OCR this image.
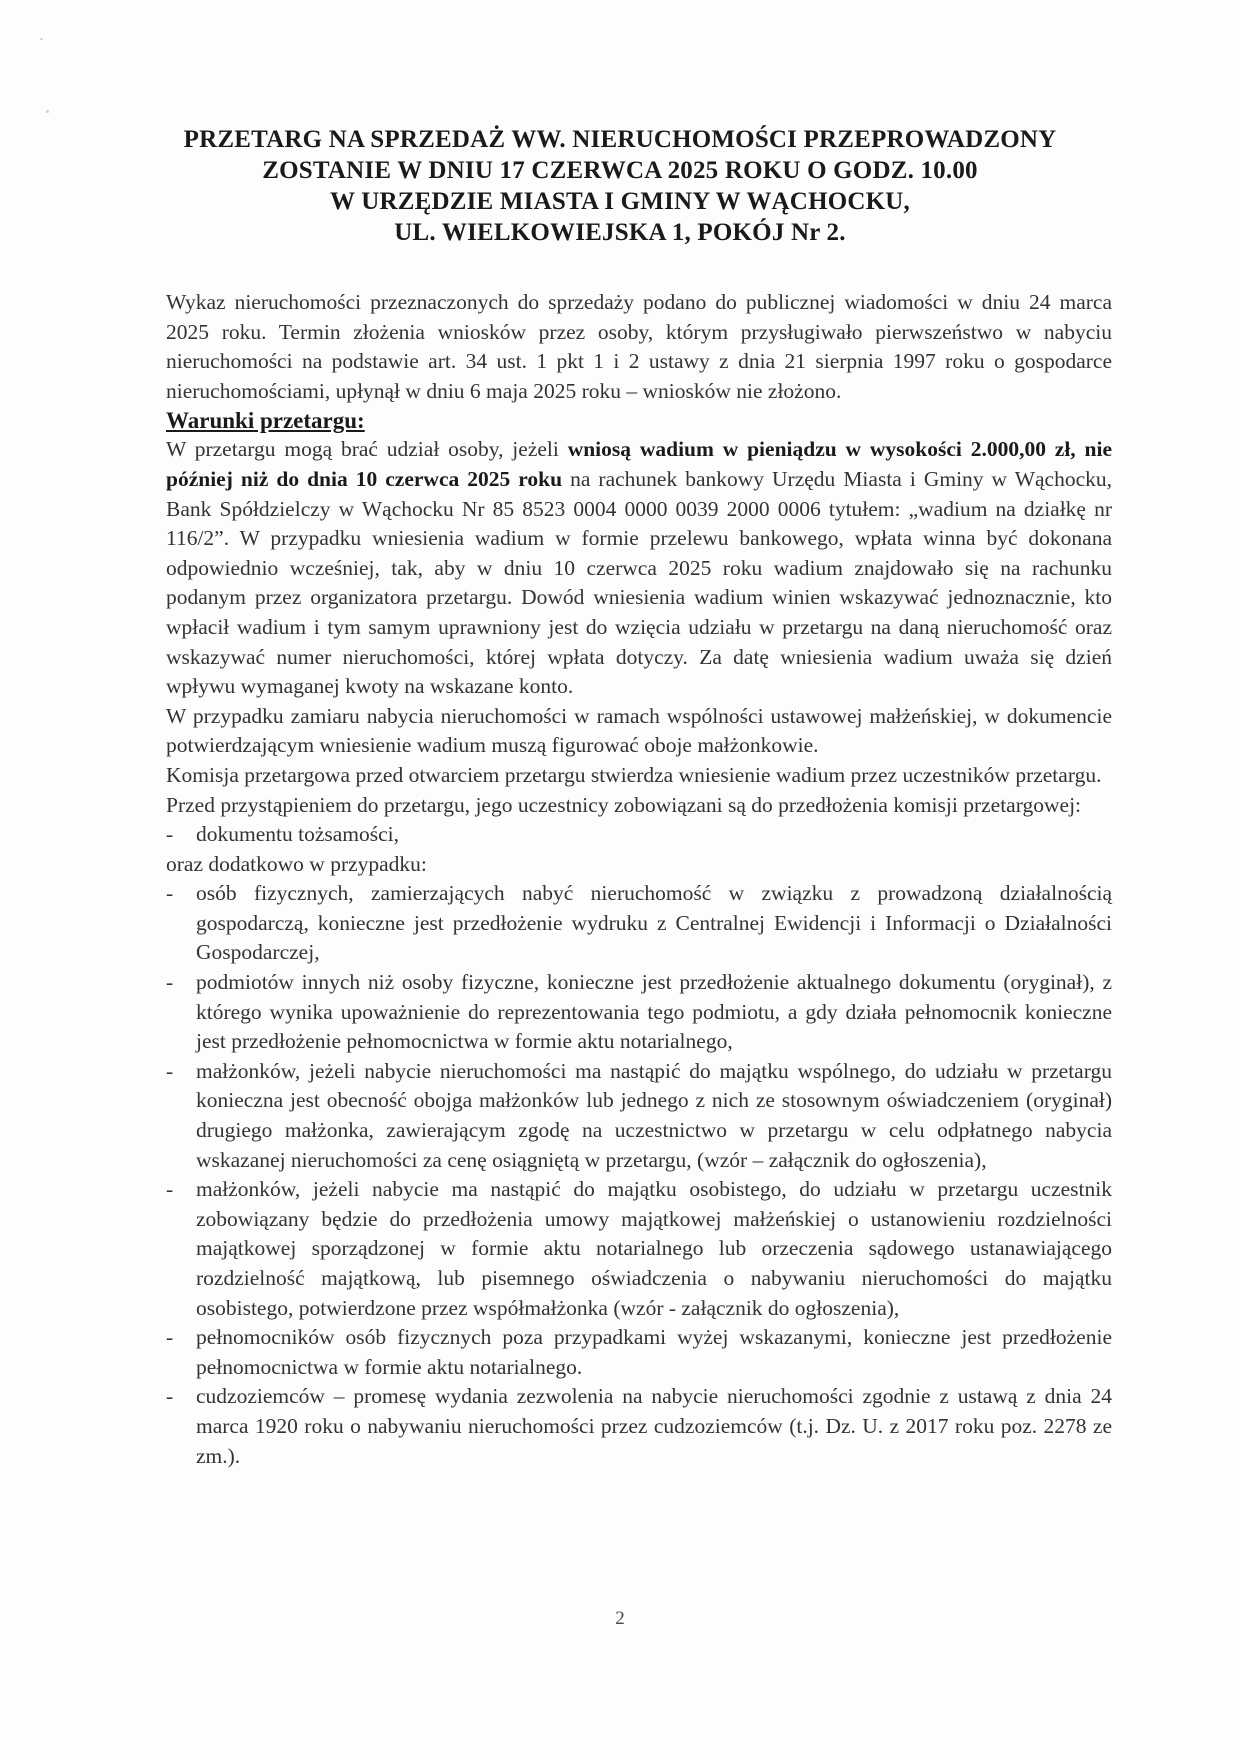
PRZETARG NA SPRZEDAŻ WW. NIERUCHOMOŚCI PRZEPROWADZONY
ZOSTANIE W DNIU 17 CZERWCA 2025 ROKU O GODZ. 10.00
W URZĘDZIE MIASTA I GMINY W WĄCHOCKU,
UL. WIELKOWIEJSKA 1, POKÓJ Nr 2.

Wykaz nieruchomości przeznaczonych do sprzedaży podano do publicznej wiadomości w dniu 24 marca 2025 roku. Termin złożenia wniosków przez osoby, którym przysługiwało pierwszeństwo w nabyciu nieruchomości na podstawie art. 34 ust. 1 pkt 1 i 2 ustawy z dnia 21 sierpnia 1997 roku o gospodarce nieruchomościami, upłynął w dniu 6 maja 2025 roku – wniosków nie złożono.

Warunki przetargu:

W przetargu mogą brać udział osoby, jeżeli wniosą wadium w pieniądzu w wysokości 2.000,00 zł, nie później niż do dnia 10 czerwca 2025 roku na rachunek bankowy Urzędu Miasta i Gminy w Wąchocku, Bank Spółdzielczy w Wąchocku Nr 85 8523 0004 0000 0039 2000 0006 tytułem: „wadium na działkę nr 116/2”. W przypadku wniesienia wadium w formie przelewu bankowego, wpłata winna być dokonana odpowiednio wcześniej, tak, aby w dniu 10 czerwca 2025 roku wadium znajdowało się na rachunku podanym przez organizatora przetargu. Dowód wniesienia wadium winien wskazywać jednoznacznie, kto wpłacił wadium i tym samym uprawniony jest do wzięcia udziału w przetargu na daną nieruchomość oraz wskazywać numer nieruchomości, której wpłata dotyczy. Za datę wniesienia wadium uważa się dzień wpływu wymaganej kwoty na wskazane konto.

W przypadku zamiaru nabycia nieruchomości w ramach wspólności ustawowej małżeńskiej, w dokumencie potwierdzającym wniesienie wadium muszą figurować oboje małżonkowie.

Komisja przetargowa przed otwarciem przetargu stwierdza wniesienie wadium przez uczestników przetargu.

Przed przystąpieniem do przetargu, jego uczestnicy zobowiązani są do przedłożenia komisji przetargowej:

- dokumentu tożsamości,

oraz dodatkowo w przypadku:

- osób fizycznych, zamierzających nabyć nieruchomość w związku z prowadzoną działalnością gospodarczą, konieczne jest przedłożenie wydruku z Centralnej Ewidencji i Informacji o Działalności Gospodarczej,
- podmiotów innych niż osoby fizyczne, konieczne jest przedłożenie aktualnego dokumentu (oryginał), z którego wynika upoważnienie do reprezentowania tego podmiotu, a gdy działa pełnomocnik konieczne jest przedłożenie pełnomocnictwa w formie aktu notarialnego,
- małżonków, jeżeli nabycie nieruchomości ma nastąpić do majątku wspólnego, do udziału w przetargu konieczna jest obecność obojga małżonków lub jednego z nich ze stosownym oświadczeniem (oryginał) drugiego małżonka, zawierającym zgodę na uczestnictwo w przetargu w celu odpłatnego nabycia wskazanej nieruchomości za cenę osiągniętą w przetargu, (wzór – załącznik do ogłoszenia),
- małżonków, jeżeli nabycie ma nastąpić do majątku osobistego, do udziału w przetargu uczestnik zobowiązany będzie do przedłożenia umowy majątkowej małżeńskiej o ustanowieniu rozdzielności majątkowej sporządzonej w formie aktu notarialnego lub orzeczenia sądowego ustanawiającego rozdzielność majątkową, lub pisemnego oświadczenia o nabywaniu nieruchomości do majątku osobistego, potwierdzone przez współmałżonka (wzór - załącznik do ogłoszenia),
- pełnomocników osób fizycznych poza przypadkami wyżej wskazanymi, konieczne jest przedłożenie pełnomocnictwa w formie aktu notarialnego.
- cudzoziemców – promesę wydania zezwolenia na nabycie nieruchomości zgodnie z ustawą z dnia 24 marca 1920 roku o nabywaniu nieruchomości przez cudzoziemców (t.j. Dz. U. z 2017 roku poz. 2278 ze zm.).
2
